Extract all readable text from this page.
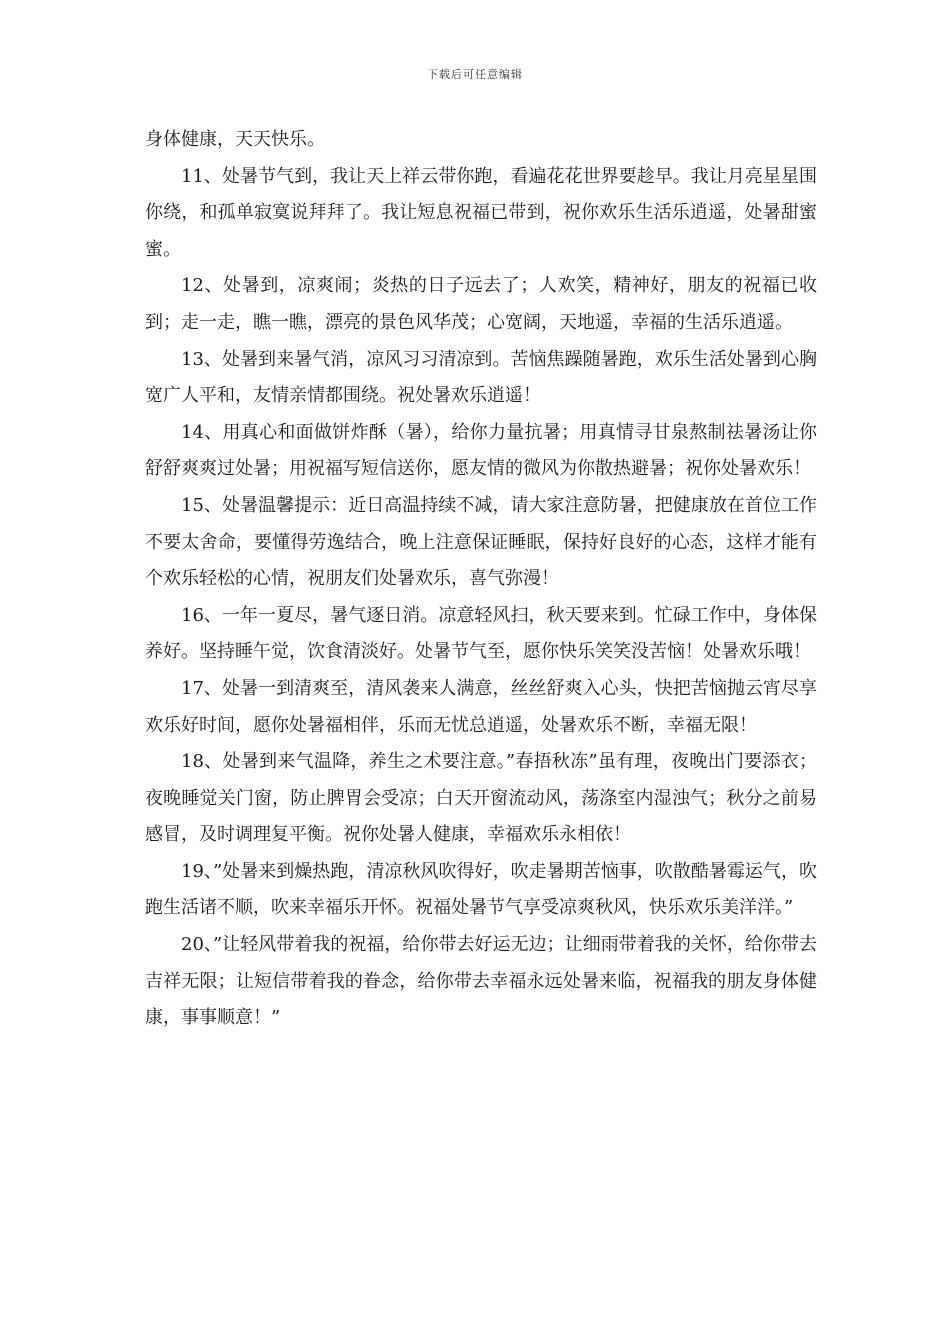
下载后可任意编辑

身体健康，天天快乐。

11、处暑节气到，我让天上祥云带你跑，看遍花花世界要趁早。我让月亮星星围你绕，和孤单寂寞说拜拜了。我让短息祝福已带到，祝你欢乐生活乐逍遥，处暑甜蜜蜜。

12、处暑到，凉爽闹；炎热的日子远去了；人欢笑，精神好，朋友的祝福已收到；走一走，瞧一瞧，漂亮的景色风华茂；心宽阔，天地遥，幸福的生活乐逍遥。

13、处暑到来暑气消，凉风习习清凉到。苦恼焦躁随暑跑，欢乐生活处暑到心胸宽广人平和，友情亲情都围绕。祝处暑欢乐逍遥！

14、用真心和面做饼炸酥（暑），给你力量抗暑；用真情寻甘泉熬制祛暑汤让你舒舒爽爽过处暑；用祝福写短信送你，愿友情的微风为你散热避暑；祝你处暑欢乐！

15、处暑温馨提示：近日高温持续不减，请大家注意防暑，把健康放在首位工作不要太舍命，要懂得劳逸结合，晚上注意保证睡眠，保持好良好的心态，这样才能有个欢乐轻松的心情，祝朋友们处暑欢乐，喜气弥漫！

16、一年一夏尽，暑气逐日消。凉意轻风扫，秋天要来到。忙碌工作中，身体保养好。坚持睡午觉，饮食清淡好。处暑节气至，愿你快乐笑笑没苦恼！处暑欢乐哦！

17、处暑一到清爽至，清风袭来人满意，丝丝舒爽入心头，快把苦恼抛云宵尽享欢乐好时间，愿你处暑福相伴，乐而无忧总逍遥，处暑欢乐不断，幸福无限！

18、处暑到来气温降，养生之术要注意。”春捂秋冻”虽有理，夜晚出门要添衣；夜晚睡觉关门窗，防止脾胃会受凉；白天开窗流动风，荡涤室内湿浊气；秋分之前易感冒，及时调理复平衡。祝你处暑人健康，幸福欢乐永相依！

19、”处暑来到燥热跑，清凉秋风吹得好，吹走暑期苦恼事，吹散酷暑霉运气，吹跑生活诸不顺，吹来幸福乐开怀。祝福处暑节气享受凉爽秋风，快乐欢乐美洋洋。”

20、”让轻风带着我的祝福，给你带去好运无边；让细雨带着我的关怀，给你带去吉祥无限；让短信带着我的眷念，给你带去幸福永远处暑来临，祝福我的朋友身体健康，事事顺意！”
